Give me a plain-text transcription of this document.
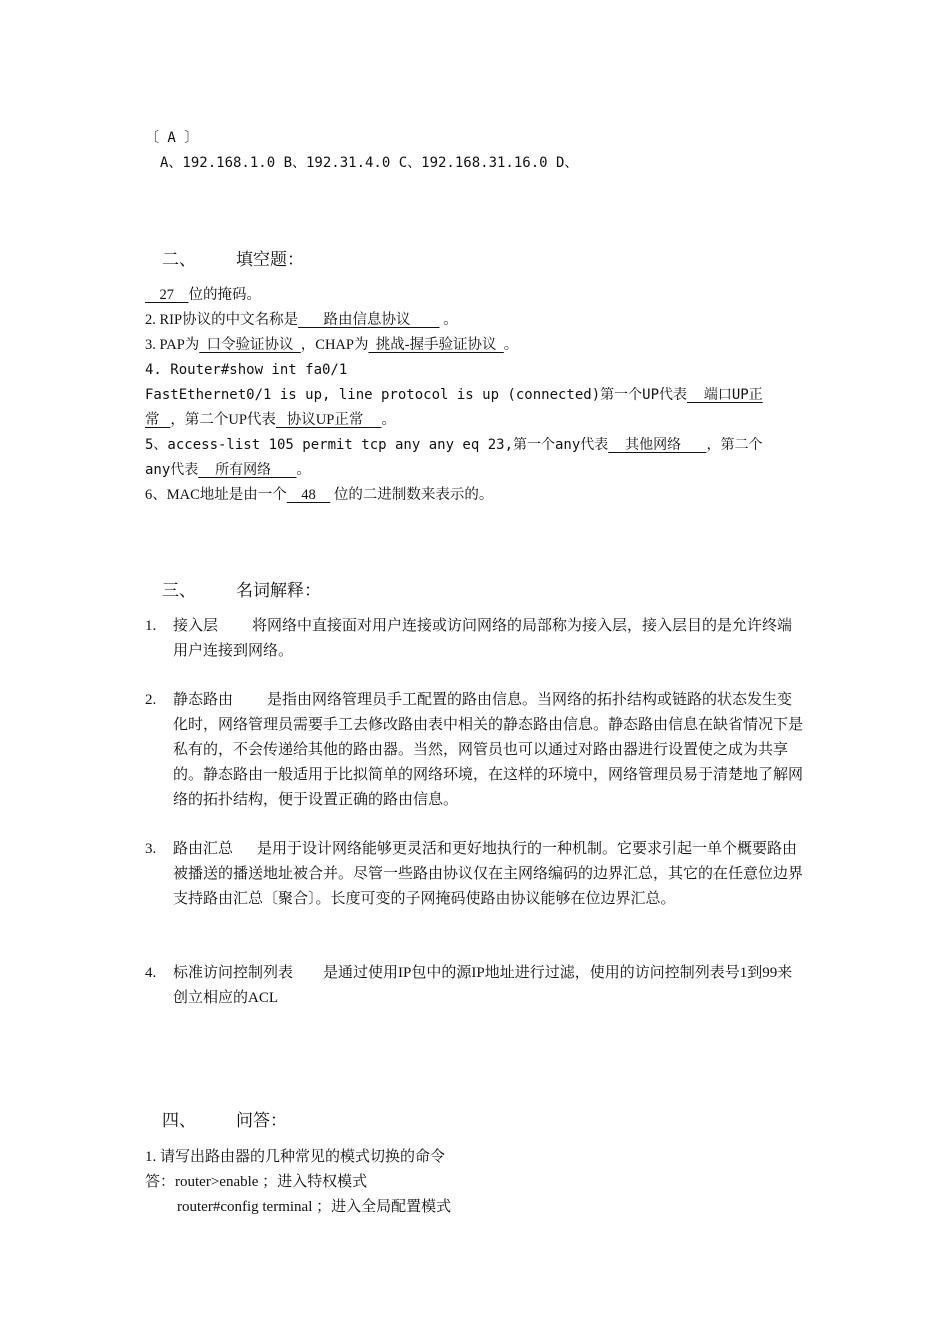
〔 A 〕
A、192.168.1.0 B、192.31.4.0 C、192.168.31.16.0 D、

二、 填空题：

27    位的掩码。
2. RIP协议的中文名称是       路由信息协议         。
3. PAP为  口令验证协议  ，CHAP为  挑战-握手验证协议  。
4. Router#show int fa0/1
FastEthernet0/1 is up, line protocol is up (connected)第一个UP代表  端口UP正
常   ，第二个UP代表   协议UP正常     。
5、access-list 105 permit tcp any any eq 23,第一个any代表  其他网络   ，第二个
any代表  所有网络   。
6、MAC地址是由一个    48     位的二进制数来表示的。

三、 名词解释：

1. 接入层 将网络中直接面对用户连接或访问网络的局部称为接入层，接入层目的是允许终端用户连接到网络。
2. 静态路由 是指由网络管理员手工配置的路由信息。当网络的拓扑结构或链路的状态发生变化时，网络管理员需要手工去修改路由表中相关的静态路由信息。静态路由信息在缺省情况下是私有的，不会传递给其他的路由器。当然，网管员也可以通过对路由器进行设置使之成为共享的。静态路由一般适用于比拟简单的网络环境，在这样的环境中，网络管理员易于清楚地了解网络的拓扑结构，便于设置正确的路由信息。
3. 路由汇总 是用于设计网络能够更灵活和更好地执行的一种机制。它要求引起一单个概要路由被播送的播送地址被合并。尽管一些路由协议仅在主网络编码的边界汇总，其它的在任意位边界支持路由汇总〔聚合〕。长度可变的子网掩码使路由协议能够在位边界汇总。
4. 标准访问控制列表 是通过使用IP包中的源IP地址进行过滤，使用的访问控制列表号1到99来创立相应的ACL

四、 问答：

1. 请写出路由器的几种常见的模式切换的命令
答：router>enable ；进入特权模式
router#config terminal ；进入全局配置模式
